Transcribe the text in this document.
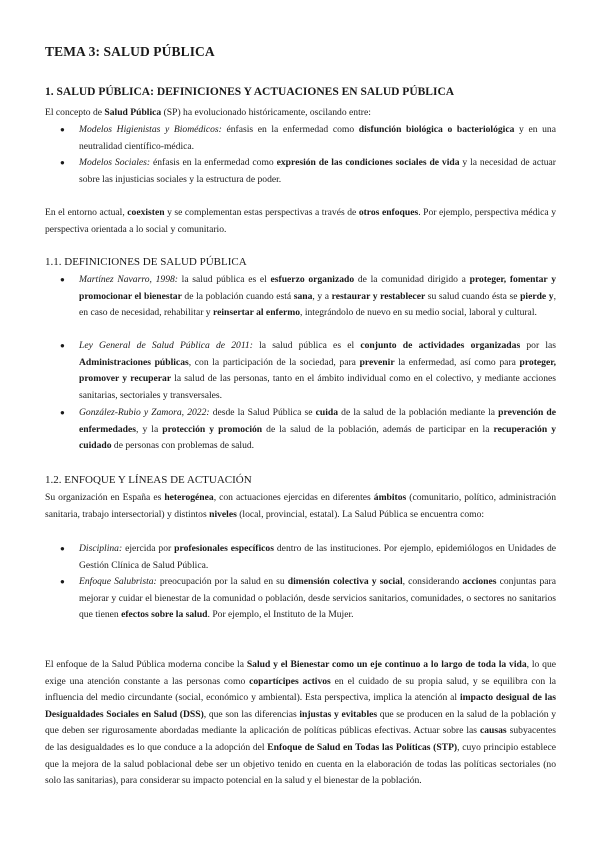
TEMA 3: SALUD PÚBLICA
1. SALUD PÚBLICA: DEFINICIONES Y ACTUACIONES EN SALUD PÚBLICA
El concepto de Salud Pública (SP) ha evolucionado históricamente, oscilando entre:
● Modelos Higienistas y Biomédicos: énfasis en la enfermedad como disfunción biológica o bacteriológica y en una neutralidad científico-médica.
● Modelos Sociales: énfasis en la enfermedad como expresión de las condiciones sociales de vida y la necesidad de actuar sobre las injusticias sociales y la estructura de poder.
En el entorno actual, coexisten y se complementan estas perspectivas a través de otros enfoques. Por ejemplo, perspectiva médica y perspectiva orientada a lo social y comunitario.
1.1. DEFINICIONES DE SALUD PÚBLICA
● Martínez Navarro, 1998: la salud pública es el esfuerzo organizado de la comunidad dirigido a proteger, fomentar y promocionar el bienestar de la población cuando está sana, y a restaurar y restablecer su salud cuando ésta se pierde y, en caso de necesidad, rehabilitar y reinsertar al enfermo, integrándolo de nuevo en su medio social, laboral y cultural.
● Ley General de Salud Pública de 2011: la salud pública es el conjunto de actividades organizadas por las Administraciones públicas, con la participación de la sociedad, para prevenir la enfermedad, así como para proteger, promover y recuperar la salud de las personas, tanto en el ámbito individual como en el colectivo, y mediante acciones sanitarias, sectoriales y transversales.
● González-Rubio y Zamora, 2022: desde la Salud Pública se cuida de la salud de la población mediante la prevención de enfermedades, y la protección y promoción de la salud de la población, además de participar en la recuperación y cuidado de personas con problemas de salud.
1.2. ENFOQUE Y LÍNEAS DE ACTUACIÓN
Su organización en España es heterogénea, con actuaciones ejercidas en diferentes ámbitos (comunitario, político, administración sanitaria, trabajo intersectorial) y distintos niveles (local, provincial, estatal). La Salud Pública se encuentra como:
● Disciplina: ejercida por profesionales específicos dentro de las instituciones. Por ejemplo, epidemiólogos en Unidades de Gestión Clínica de Salud Pública.
● Enfoque Salubrista: preocupación por la salud en su dimensión colectiva y social, considerando acciones conjuntas para mejorar y cuidar el bienestar de la comunidad o población, desde servicios sanitarios, comunidades, o sectores no sanitarios que tienen efectos sobre la salud. Por ejemplo, el Instituto de la Mujer.
El enfoque de la Salud Pública moderna concibe la Salud y el Bienestar como un eje continuo a lo largo de toda la vida, lo que exige una atención constante a las personas como copartícipes activos en el cuidado de su propia salud, y se equilibra con la influencia del medio circundante (social, económico y ambiental). Esta perspectiva, implica la atención al impacto desigual de las Desigualdades Sociales en Salud (DSS), que son las diferencias injustas y evitables que se producen en la salud de la población y que deben ser rigurosamente abordadas mediante la aplicación de políticas públicas efectivas. Actuar sobre las causas subyacentes de las desigualdades es lo que conduce a la adopción del Enfoque de Salud en Todas las Políticas (STP), cuyo principio establece que la mejora de la salud poblacional debe ser un objetivo tenido en cuenta en la elaboración de todas las políticas sectoriales (no solo las sanitarias), para considerar su impacto potencial en la salud y el bienestar de la población.
